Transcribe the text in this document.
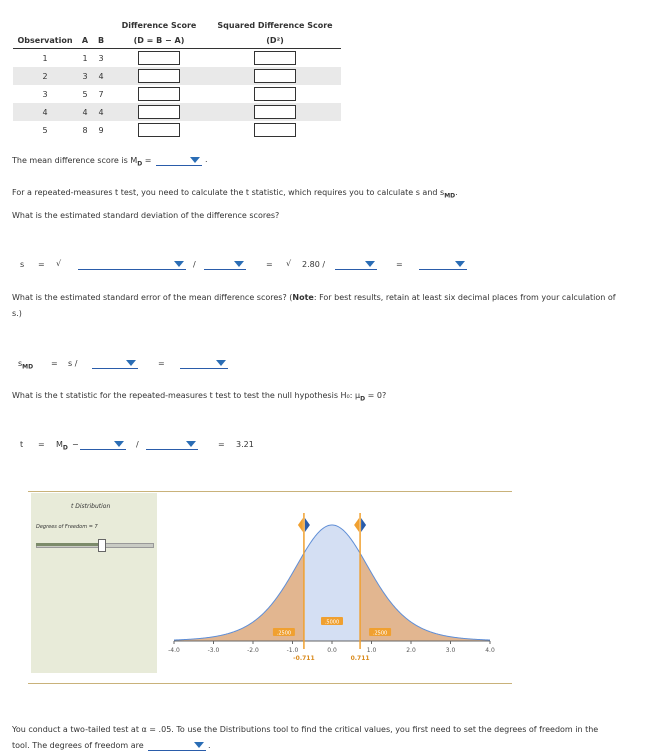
			Difference Score	Squared Difference Score
Observation	A	B	(D = B − A)	(D²)
1	1	3		
2	3	4		
3	5	7		
4	4	4		
5	8	9		
The mean difference score is $M_D$ =	.
For a repeated-measures t test, you need to calculate the t statistic, which requires you to calculate s and $s_{MD}$.
What is the estimated standard deviation of the difference scores?
s = √	/	= √ 2.80 /	=
What is the estimated standard error of the mean difference scores? (Note: For best results, retain at least six decimal places from your calculation of
s.)
$s_{MD} = s$ /	=
What is the t statistic for the repeated-measures t test to test the null hypothesis H₀: $\mu_D = 0$?
$t = M_D$ −	/	= 3.21
t Distribution
Degrees of Freedom = 7
-4.0	-3.0	-2.0	-1.0	0.0	1.0	2.0	3.0	4.0
.2500
.5000
.2500
-0.711	0.711
You conduct a two-tailed test at α = .05. To use the Distributions tool to find the critical values, you first need to set the degrees of freedom in the
tool. The degrees of freedom are	.
